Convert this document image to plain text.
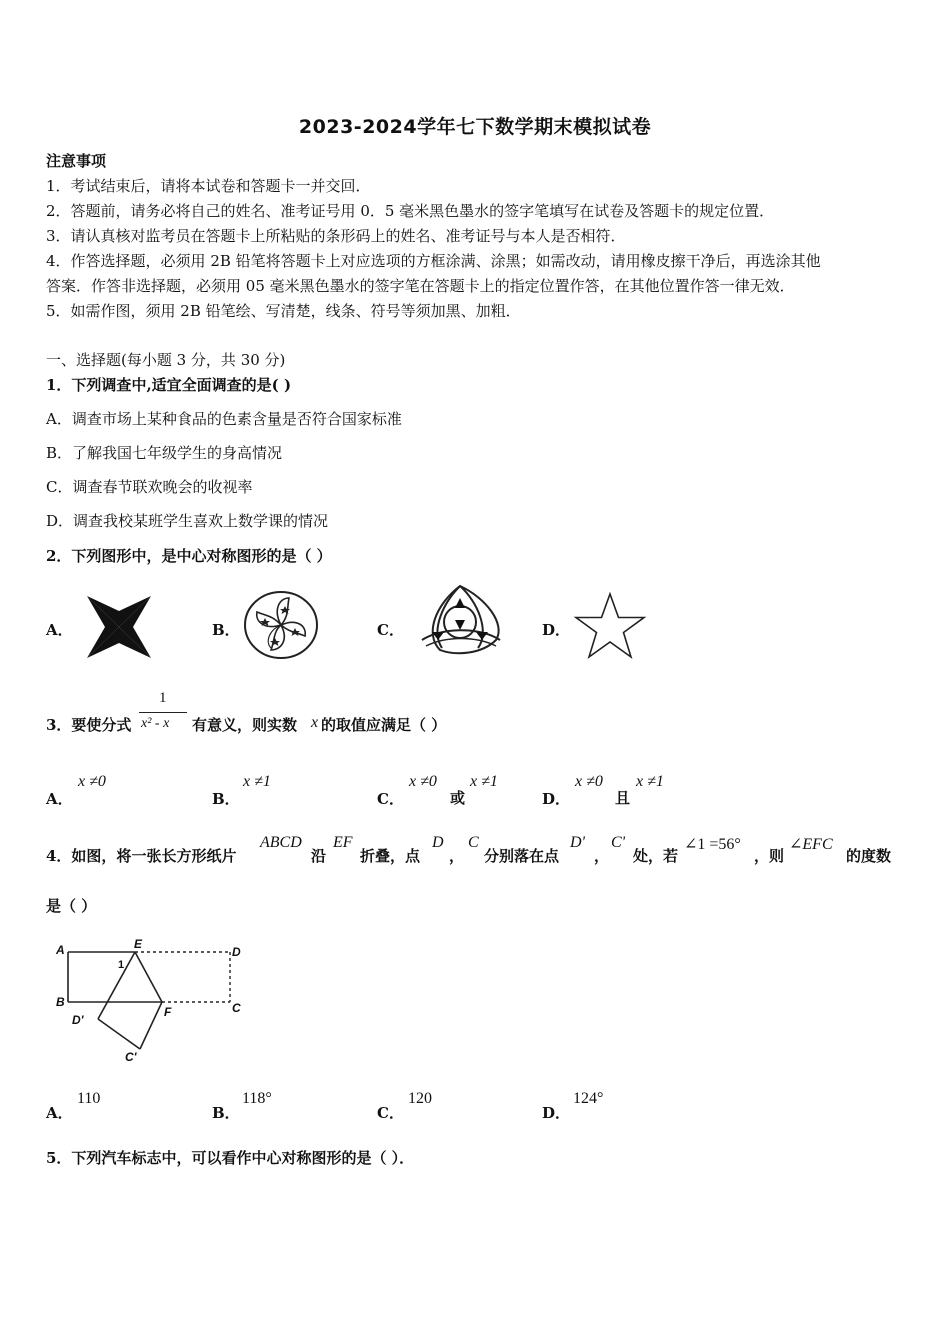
2023-2024学年七下数学期末模拟试卷
注意事项
1．考试结束后，请将本试卷和答题卡一并交回．
2．答题前，请务必将自己的姓名、准考证号用 0．5 毫米黑色墨水的签字笔填写在试卷及答题卡的规定位置．
3．请认真核对监考员在答题卡上所粘贴的条形码上的姓名、准考证号与本人是否相符．
4．作答选择题，必须用 2B 铅笔将答题卡上对应选项的方框涂满、涂黑；如需改动，请用橡皮擦干净后，再选涂其他
答案．作答非选择题，必须用 05 毫米黑色墨水的签字笔在答题卡上的指定位置作答，在其他位置作答一律无效．
5．如需作图，须用 2B 铅笔绘、写清楚，线条、符号等须加黑、加粗．
一、选择题(每小题 3 分，共 30 分)
1．下列调查中,适宜全面调查的是( )
A．调查市场上某种食品的色素含量是否符合国家标准
B．了解我国七年级学生的身高情况
C．调查春节联欢晚会的收视率
D．调查我校某班学生喜欢上数学课的情况
2．下列图形中，是中心对称图形的是（ ）
A．	B．	C．	D．
3．要使分式
1
x² - x 有意义，则实数 x 的取值应满足（ ）
A．
x ≠0
B．
x ≠1
C．
x ≠0
或
x ≠1
D．
x ≠0
且
x ≠1
4．如图，将一张长方形纸片
ABCD
沿
EF
折叠，点
D
，
C
分别落在点
D'
，
C'
处，若
∠1 =56°
，则
∠EFC
的度数
是（ ）
A	E
D
B
F	C
D'
C'
1
A．
110
B．
118°
C．
120
D．
124°
5．下列汽车标志中，可以看作中心对称图形的是（ ）．
